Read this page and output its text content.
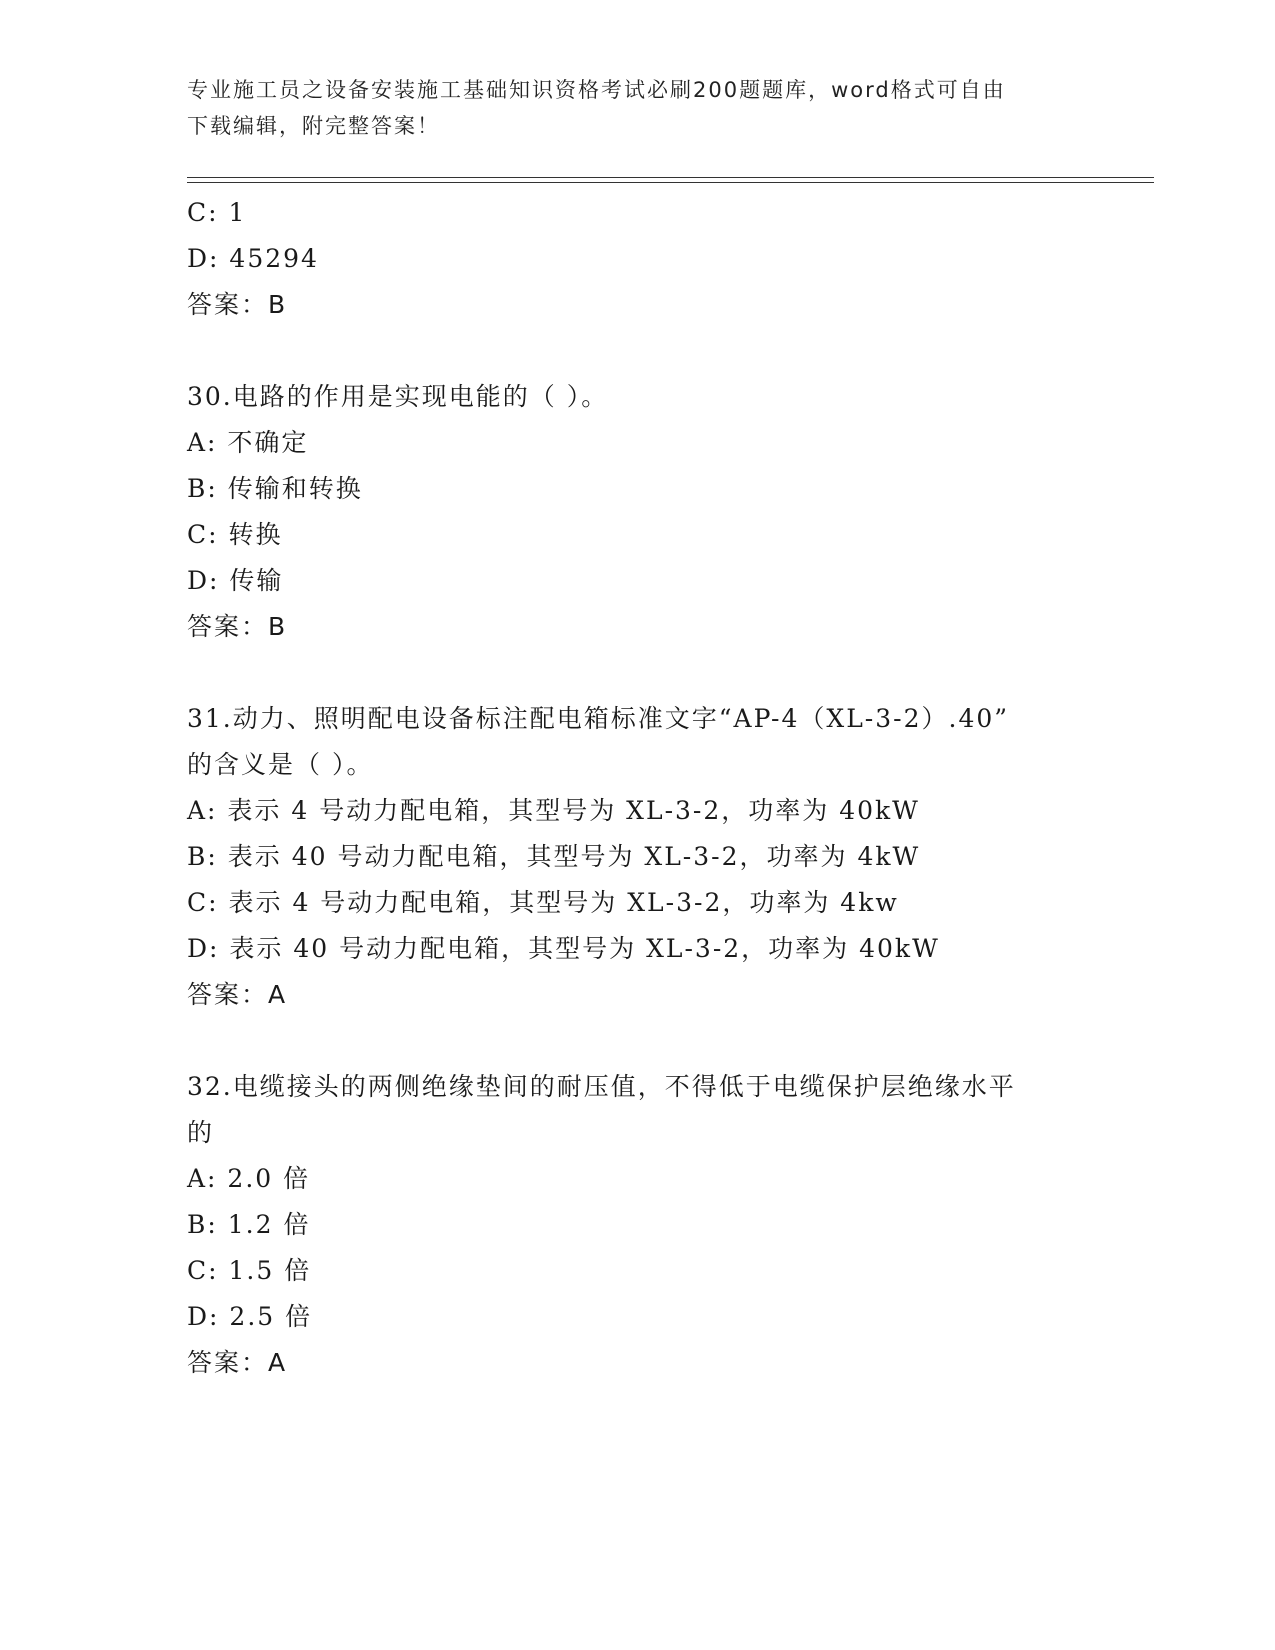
专业施工员之设备安装施工基础知识资格考试必刷200题题库，word格式可自由
下载编辑，附完整答案！
C: 1
D: 45294
答案：B
30.电路的作用是实现电能的（ ）。
A: 不确定
B: 传输和转换
C: 转换
D: 传输
答案：B
31.动力、照明配电设备标注配电箱标准文字“AP-4（XL-3-2）.40”
的含义是（ ）。
A: 表示 4 号动力配电箱，其型号为 XL-3-2，功率为 40kW
B: 表示 40 号动力配电箱，其型号为 XL-3-2，功率为 4kW
C: 表示 4 号动力配电箱，其型号为 XL-3-2，功率为 4kw
D: 表示 40 号动力配电箱，其型号为 XL-3-2，功率为 40kW
答案：A
32.电缆接头的两侧绝缘垫间的耐压值，不得低于电缆保护层绝缘水平
的
A: 2.0 倍
B: 1.2 倍
C: 1.5 倍
D: 2.5 倍
答案：A
